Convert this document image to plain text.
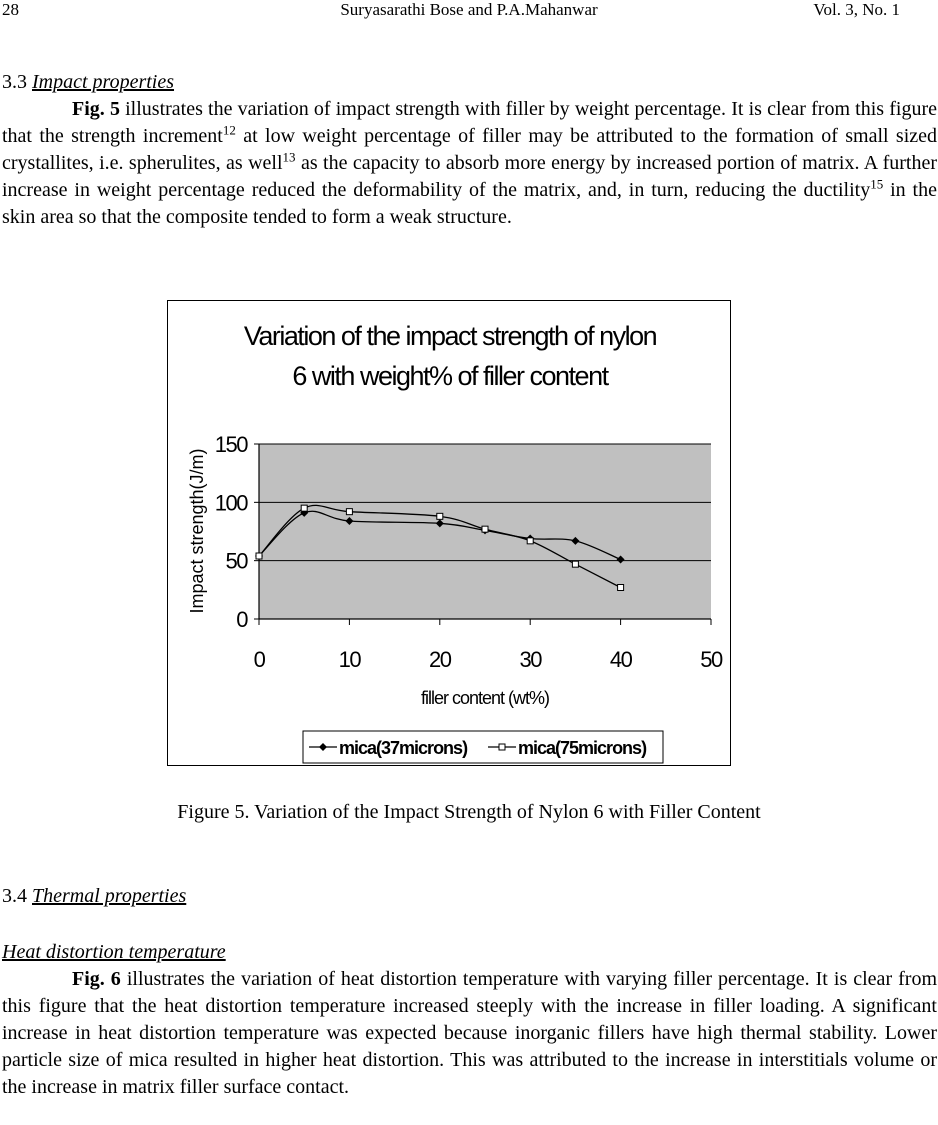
28	Suryasarathi Bose and P.A.Mahanwar	Vol. 3, No. 1
3.3 Impact properties
Fig. 5 illustrates the variation of impact strength with filler by weight percentage. It is clear from this figure that the strength increment$^{12}$ at low weight percentage of filler may be attributed to the formation of small sized crystallites, i.e. spherulites, as well$^{13}$ as the capacity to absorb more energy by increased portion of matrix. A further increase in weight percentage reduced the deformability of the matrix, and, in turn, reducing the ductility$^{15}$ in the skin area so that the composite tended to form a weak structure.
Variation of the impact strength of nylon
6 with weight% of filler content
0
50
100
150
0	10	20	30	40	50
Impact strength(J/m)
filler content (wt%)
mica(37microns)	mica(75microns)
Figure 5. Variation of the Impact Strength of Nylon 6 with Filler Content
3.4 Thermal properties
Heat distortion temperature
Fig. 6 illustrates the variation of heat distortion temperature with varying filler percentage. It is clear from this figure that the heat distortion temperature increased steeply with the increase in filler loading. A significant increase in heat distortion temperature was expected because inorganic fillers have high thermal stability. Lower particle size of mica resulted in higher heat distortion. This was attributed to the increase in interstitials volume or the increase in matrix filler surface contact.
